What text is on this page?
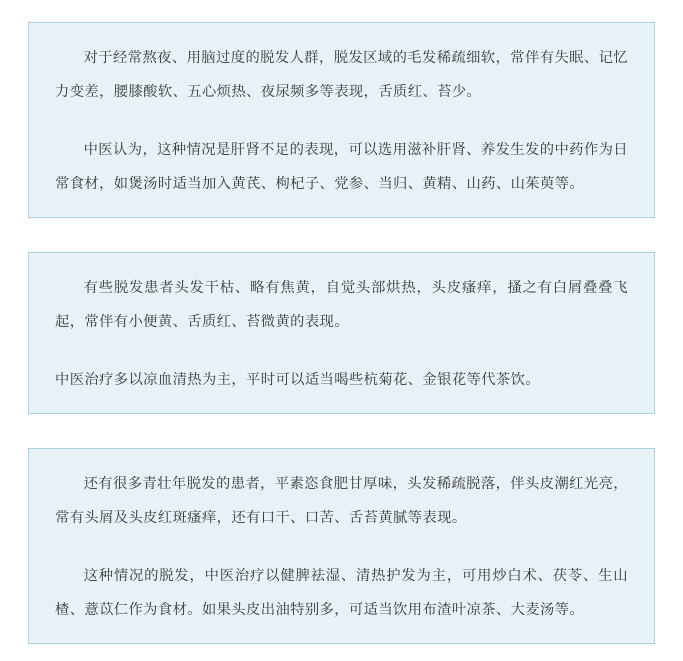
对于经常熬夜、用脑过度的脱发人群，脱发区域的毛发稀疏细软，常伴有失眠、记忆力变差，腰膝酸软、五心烦热、夜尿频多等表现，舌质红、苔少。

中医认为，这种情况是肝肾不足的表现，可以选用滋补肝肾、养发生发的中药作为日常食材，如煲汤时适当加入黄芪、枸杞子、党参、当归、黄精、山药、山茱萸等。

有些脱发患者头发干枯、略有焦黄，自觉头部烘热，头皮瘙痒，搔之有白屑叠叠飞起，常伴有小便黄、舌质红、苔微黄的表现。

中医治疗多以凉血清热为主，平时可以适当喝些杭菊花、金银花等代茶饮。

还有很多青壮年脱发的患者，平素恣食肥甘厚味，头发稀疏脱落，伴头皮潮红光亮，常有头屑及头皮红斑瘙痒，还有口干、口苦、舌苔黄腻等表现。

这种情况的脱发，中医治疗以健脾祛湿、清热护发为主，可用炒白术、茯苓、生山楂、薏苡仁作为食材。如果头皮出油特别多，可适当饮用布渣叶凉茶、大麦汤等。
